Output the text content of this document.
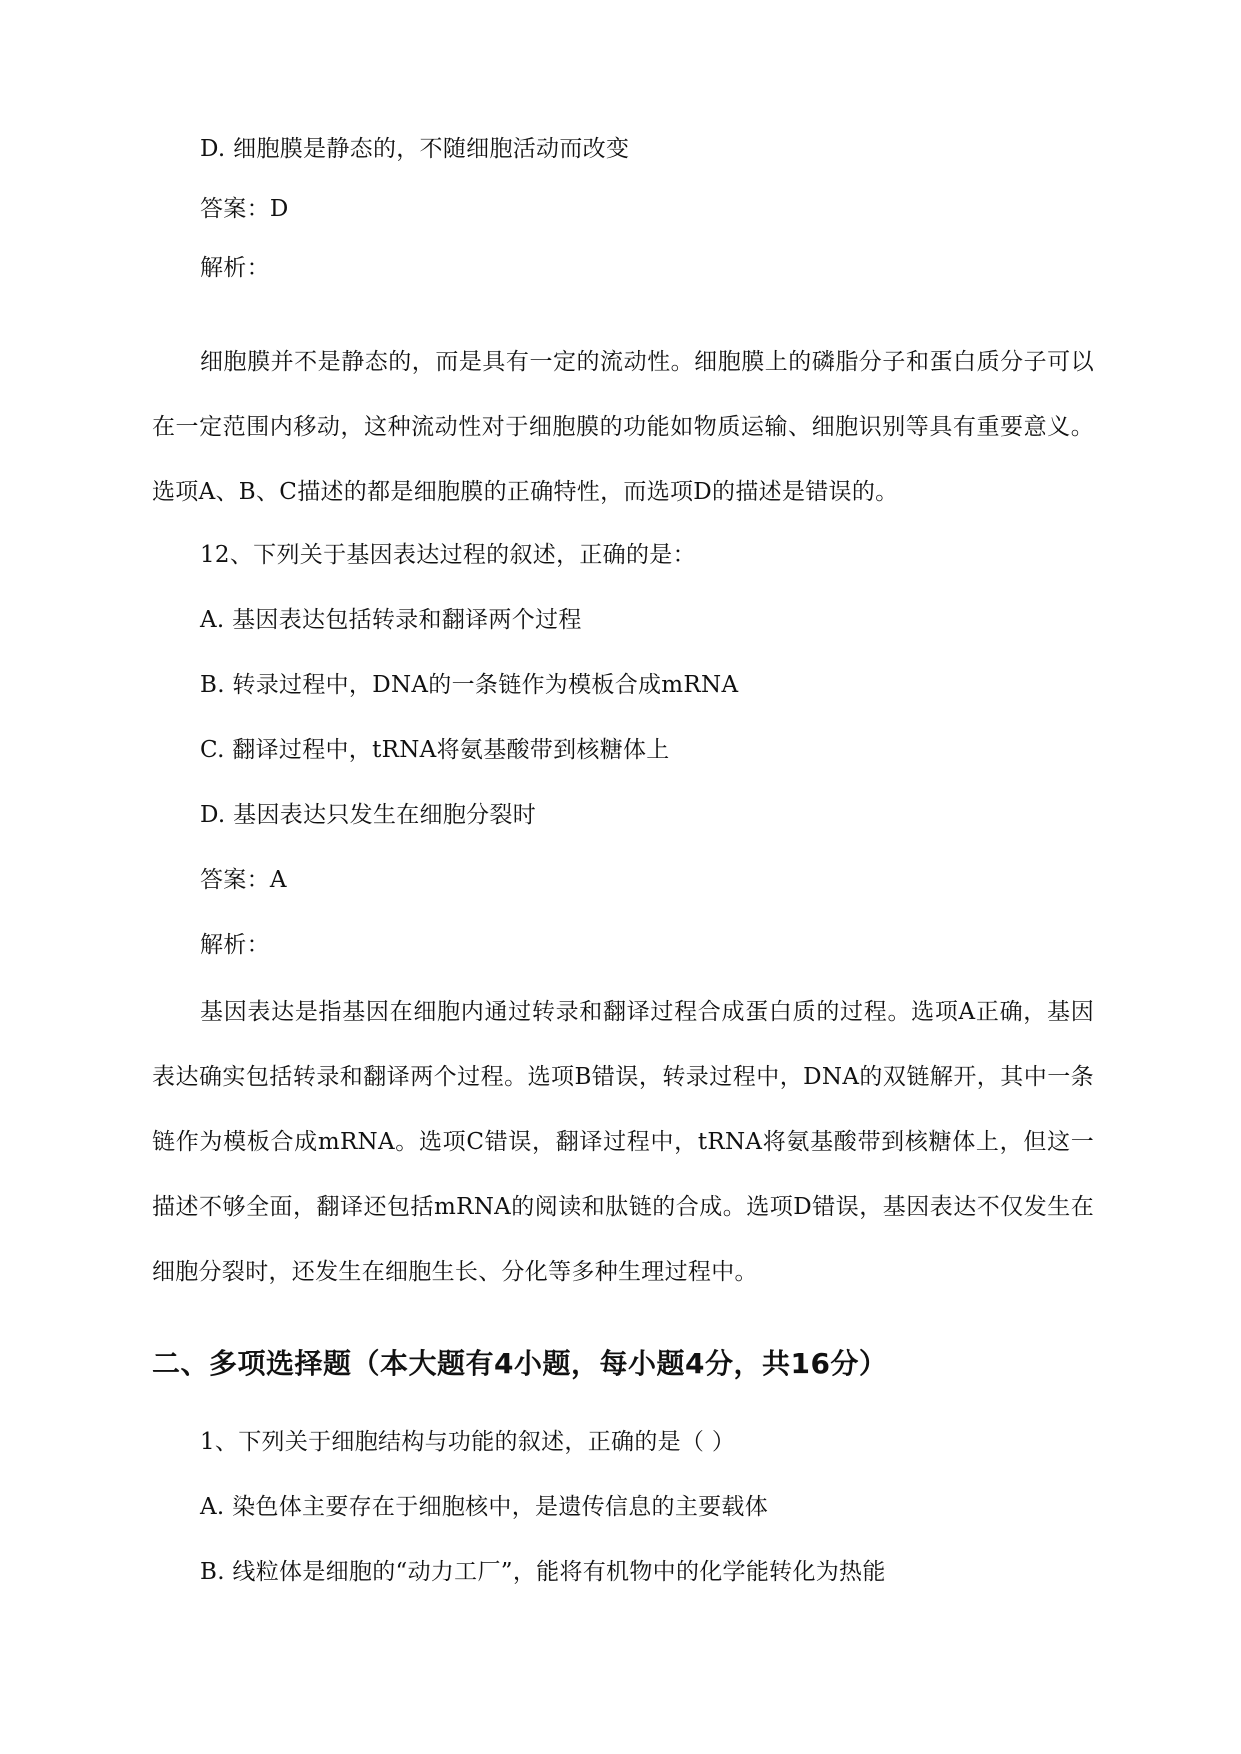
D. 细胞膜是静态的，不随细胞活动而改变
答案：D
解析：
细胞膜并不是静态的，而是具有一定的流动性。细胞膜上的磷脂分子和蛋白质分子可以在一定范围内移动，这种流动性对于细胞膜的功能如物质运输、细胞识别等具有重要意义。选项A、B、C描述的都是细胞膜的正确特性，而选项D的描述是错误的。
12、下列关于基因表达过程的叙述，正确的是：
A. 基因表达包括转录和翻译两个过程
B. 转录过程中，DNA的一条链作为模板合成mRNA
C. 翻译过程中，tRNA将氨基酸带到核糖体上
D. 基因表达只发生在细胞分裂时
答案：A
解析：
基因表达是指基因在细胞内通过转录和翻译过程合成蛋白质的过程。选项A正确，基因表达确实包括转录和翻译两个过程。选项B错误，转录过程中，DNA的双链解开，其中一条链作为模板合成mRNA。选项C错误，翻译过程中，tRNA将氨基酸带到核糖体上，但这一描述不够全面，翻译还包括mRNA的阅读和肽链的合成。选项D错误，基因表达不仅发生在细胞分裂时，还发生在细胞生长、分化等多种生理过程中。
二、多项选择题（本大题有4小题，每小题4分，共16分）
1、下列关于细胞结构与功能的叙述，正确的是（ ）
A. 染色体主要存在于细胞核中，是遗传信息的主要载体
B. 线粒体是细胞的“动力工厂”，能将有机物中的化学能转化为热能
